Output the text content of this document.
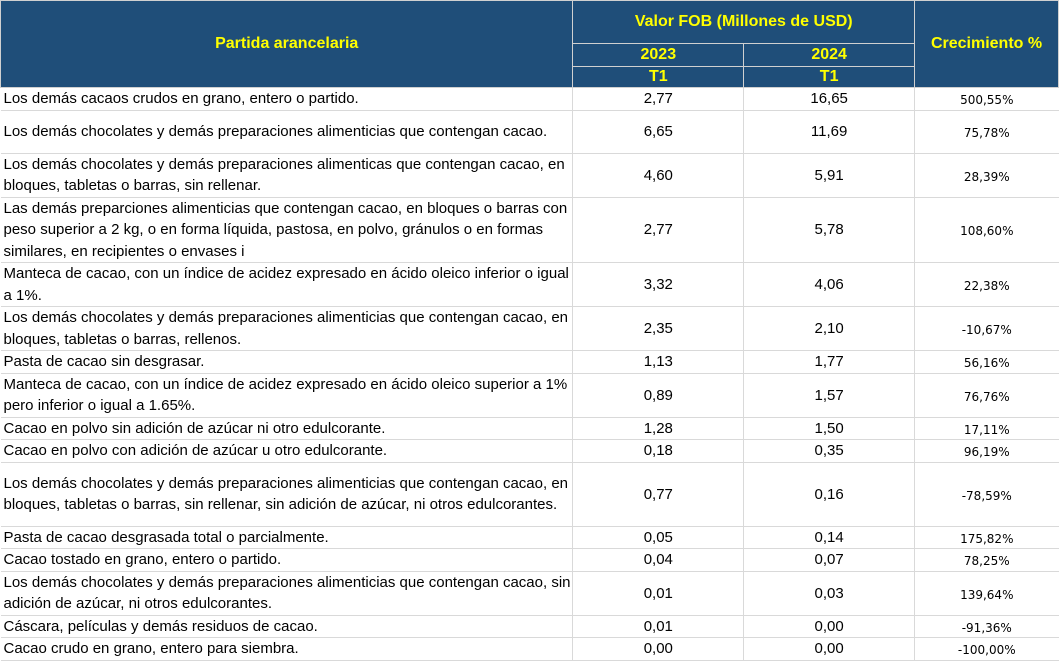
Partida arancelaria	Valor FOB (Millones de USD)		Crecimiento %
	2023	2024	
	T1	T1	
Los demás cacaos crudos en grano, entero o partido.	2,77	16,65	500,55%
Los demás chocolates y demás preparaciones alimenticias que contengan cacao.	6,65	11,69	75,78%
Los demás chocolates y demás preparaciones alimenticas que contengan cacao, en bloques, tabletas o barras, sin rellenar.	4,60	5,91	28,39%
Las demás preparciones alimenticias que contengan cacao, en bloques o barras con peso superior a 2 kg, o en forma líquida, pastosa, en polvo, gránulos o en formas similares, en recipientes o envases i	2,77	5,78	108,60%
Manteca de cacao, con un índice de acidez expresado en ácido oleico inferior o igual a 1%.	3,32	4,06	22,38%
Los demás chocolates y demás preparaciones alimenticias que contengan cacao, en bloques, tabletas o barras, rellenos.	2,35	2,10	-10,67%
Pasta de cacao sin desgrasar.	1,13	1,77	56,16%
Manteca de cacao, con un índice de acidez expresado en ácido oleico superior a 1% pero inferior o igual a 1.65%.	0,89	1,57	76,76%
Cacao en polvo sin adición de azúcar ni otro edulcorante.	1,28	1,50	17,11%
Cacao en polvo con adición de azúcar u otro edulcorante.	0,18	0,35	96,19%
Los demás chocolates y demás preparaciones alimenticias que contengan cacao, en bloques, tabletas o barras, sin rellenar, sin adición de azúcar, ni otros edulcorantes.	0,77	0,16	-78,59%
Pasta de cacao desgrasada total o parcialmente.	0,05	0,14	175,82%
Cacao tostado en grano, entero o partido.	0,04	0,07	78,25%
Los demás chocolates y demás preparaciones alimenticias que contengan cacao, sin adición de azúcar, ni otros edulcorantes.	0,01	0,03	139,64%
Cáscara, películas y demás residuos de cacao.	0,01	0,00	-91,36%
Cacao crudo en grano, entero para siembra.	0,00	0,00	-100,00%
